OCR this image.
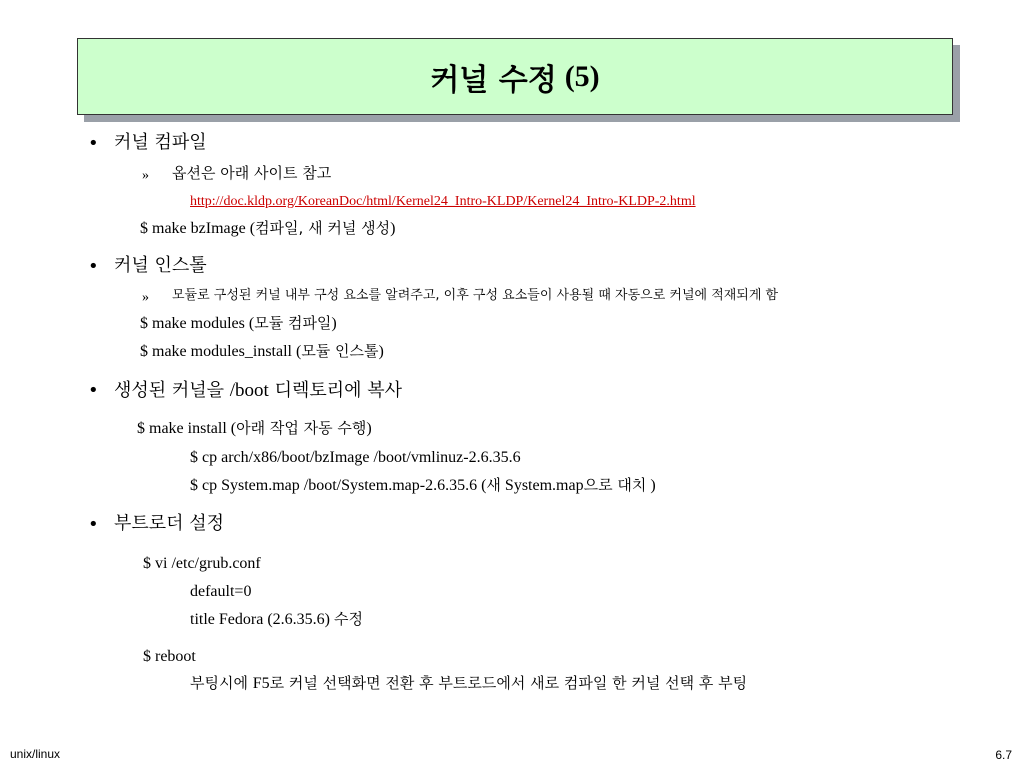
커널 수정 (5)
• 커널 컴파일
» 옵션은 아래 사이트 참고
http://doc.kldp.org/KoreanDoc/html/Kernel24_Intro-KLDP/Kernel24_Intro-KLDP-2.html
$ make bzImage (컴파일, 새 커널 생성)
• 커널 인스톨
» 모듈로 구성된 커널 내부 구성 요소를 알려주고, 이후 구성 요소들이 사용될 때 자동으로 커널에 적재되게 함
$ make modules (모듈 컴파일)
$ make modules_install (모듈 인스톨)
• 생성된 커널을 /boot 디렉토리에 복사
$ make install (아래 작업 자동 수행)
$ cp arch/x86/boot/bzImage /boot/vmlinuz-2.6.35.6
$ cp System.map /boot/System.map-2.6.35.6 (새 System.map으로 대치 )
• 부트로더 설정
$ vi /etc/grub.conf
default=0
title Fedora (2.6.35.6) 수정
$ reboot
부팅시에 F5로 커널 선택화면 전환 후 부트로드에서 새로 컴파일 한 커널 선택 후 부팅
unix/linux	6.7
